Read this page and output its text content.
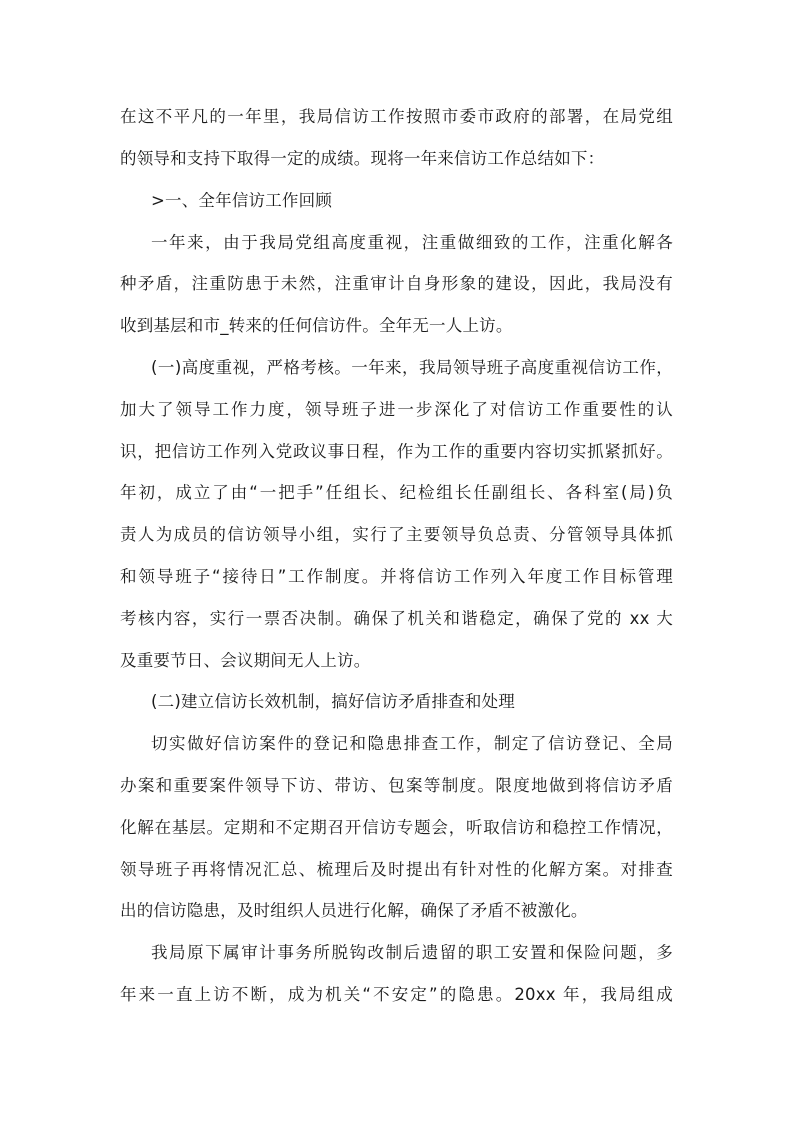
在这不平凡的一年里，我局信访工作按照市委市政府的部署，在局党组
的领导和支持下取得一定的成绩。现将一年来信访工作总结如下：
>一、全年信访工作回顾
一年来，由于我局党组高度重视，注重做细致的工作，注重化解各
种矛盾，注重防患于未然，注重审计自身形象的建设，因此，我局没有
收到基层和市_转来的任何信访件。全年无一人上访。
(一)高度重视，严格考核。一年来，我局领导班子高度重视信访工作，
加大了领导工作力度，领导班子进一步深化了对信访工作重要性的认
识，把信访工作列入党政议事日程，作为工作的重要内容切实抓紧抓好。
年初，成立了由“一把手”任组长、纪检组长任副组长、各科室(局)负
责人为成员的信访领导小组，实行了主要领导负总责、分管领导具体抓
和领导班子“接待日”工作制度。并将信访工作列入年度工作目标管理
考核内容，实行一票否决制。确保了机关和谐稳定，确保了党的 xx 大
及重要节日、会议期间无人上访。
(二)建立信访长效机制，搞好信访矛盾排查和处理
切实做好信访案件的登记和隐患排查工作，制定了信访登记、全局
办案和重要案件领导下访、带访、包案等制度。限度地做到将信访矛盾
化解在基层。定期和不定期召开信访专题会，听取信访和稳控工作情况，
领导班子再将情况汇总、梳理后及时提出有针对性的化解方案。对排查
出的信访隐患，及时组织人员进行化解，确保了矛盾不被激化。
我局原下属审计事务所脱钩改制后遗留的职工安置和保险问题，多
年来一直上访不断，成为机关“不安定”的隐患。20xx 年，我局组成
